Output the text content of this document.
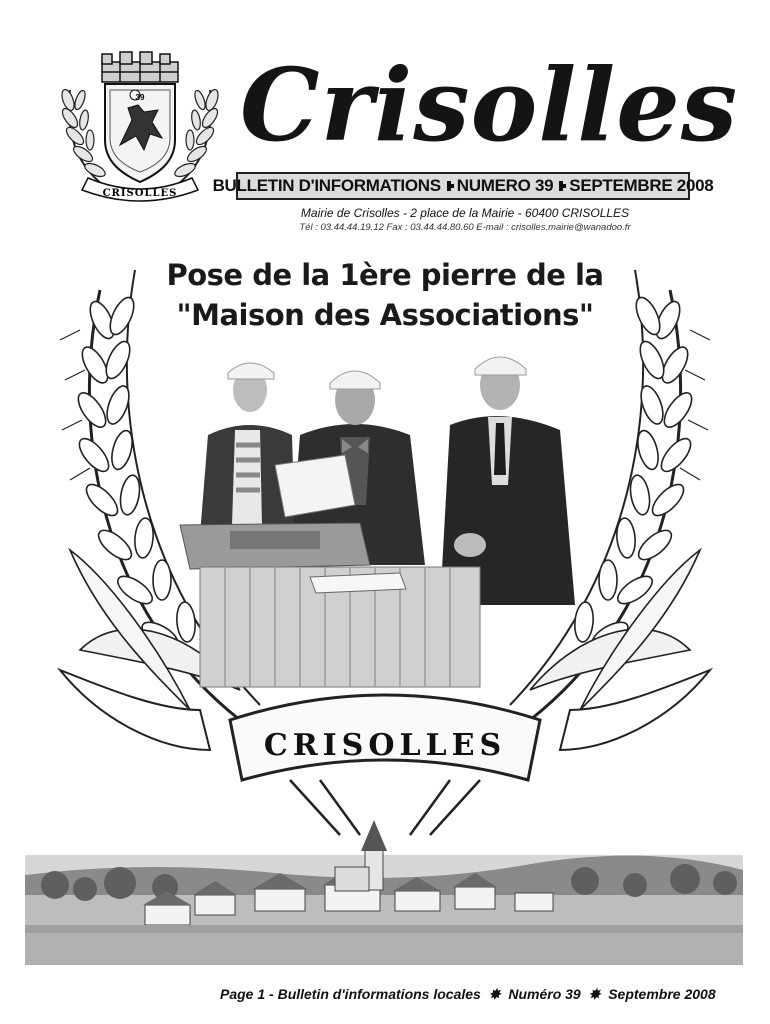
39
CRISOLLES
Crisolles
BULLETIN D'INFORMATIONS NUMERO 39 SEPTEMBRE 2008
Mairie de Crisolles - 2 place de la Mairie - 60400 CRISOLLES
Tél : 03.44.44.19.12 Fax : 03.44.44.80.60 E-mail : crisolles.mairie@wanadoo.fr
CRISOLLES
Pose de la 1ère pierre de la
"Maison des Associations"
Page 1 - Bulletin d'informations locales ✸ Numéro 39 ✸ Septembre 2008
